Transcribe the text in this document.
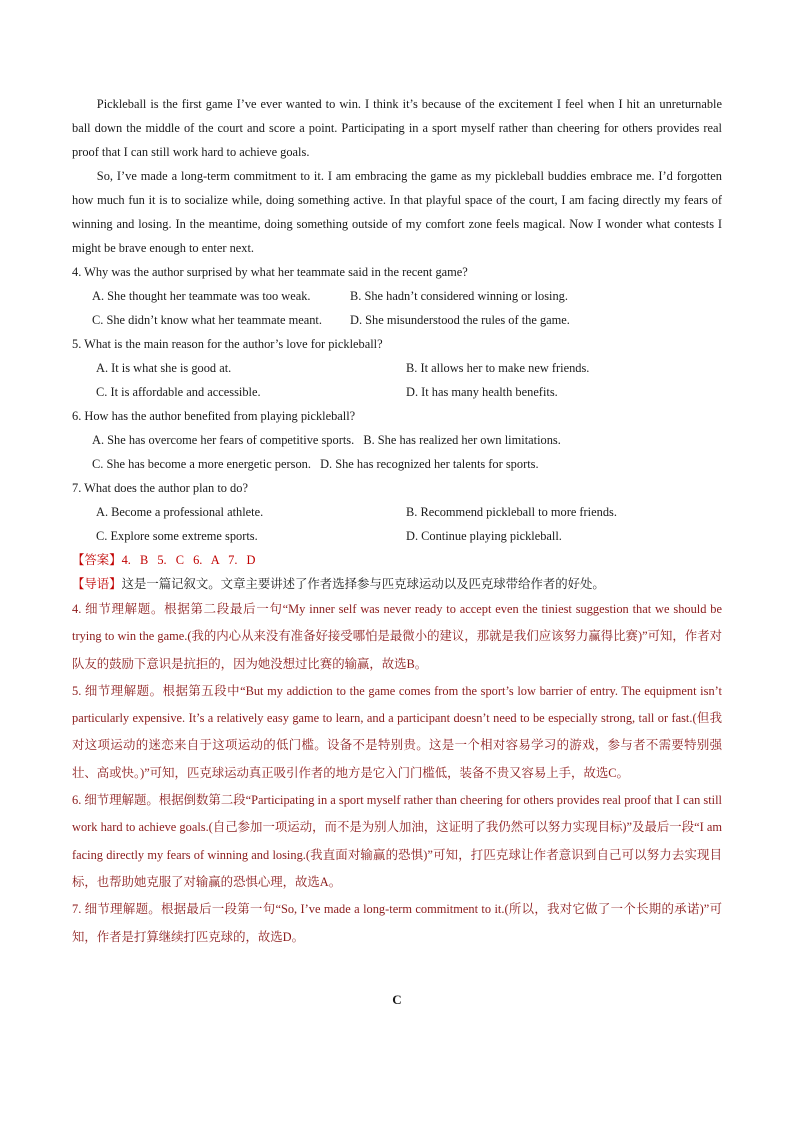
Pickleball is the first game I’ve ever wanted to win. I think it’s because of the excitement I feel when I hit an unreturnable ball down the middle of the court and score a point. Participating in a sport myself rather than cheering for others provides real proof that I can still work hard to achieve goals.

So, I’ve made a long-term commitment to it. I am embracing the game as my pickleball buddies embrace me. I’d forgotten how much fun it is to socialize while, doing something active. In that playful space of the court, I am facing directly my fears of winning and losing. In the meantime, doing something outside of my comfort zone feels magical. Now I wonder what contests I might be brave enough to enter next.

4. Why was the author surprised by what her teammate said in the recent game?

A. She thought her teammate was too weak.	B. She hadn’t considered winning or losing.
C. She didn’t know what her teammate meant.	D. She misunderstood the rules of the game.

5. What is the main reason for the author’s love for pickleball?

A. It is what she is good at.	B. It allows her to make new friends.
C. It is affordable and accessible.	D. It has many health benefits.

6. How has the author benefited from playing pickleball?

A. She has overcome her fears of competitive sports. B. She has realized her own limitations.
C. She has become a more energetic person. D. She has recognized her talents for sports.

7. What does the author plan to do?

A. Become a professional athlete.	B. Recommend pickleball to more friends.
C. Explore some extreme sports.	D. Continue playing pickleball.

【答案】4. B 5. C 6. A 7. D

【导语】这是一篇记叙文。文章主要讲述了作者选择参与匹克球运动以及匹克球带给作者的好处。

4. 细节理解题。根据第二段最后一句“My inner self was never ready to accept even the tiniest suggestion that we should be trying to win the game.(我的内心从来没有准备好接受哪怕是最微小的建议，那就是我们应该努力赢得比赛)”可知，作者对队友的鼓励下意识是抗拒的，因为她没想过比赛的输赢，故选B。

5. 细节理解题。根据第五段中“But my addiction to the game comes from the sport’s low barrier of entry. The equipment isn’t particularly expensive. It’s a relatively easy game to learn, and a participant doesn’t need to be especially strong, tall or fast.(但我对这项运动的迷恋来自于这项运动的低门槛。设备不是特别贵。这是一个相对容易学习的游戏，参与者不需要特别强壮、高或快。)”可知，匹克球运动真正吸引作者的地方是它入门门槛低，装备不贵又容易上手，故选C。

6. 细节理解题。根据倒数第二段“Participating in a sport myself rather than cheering for others provides real proof that I can still work hard to achieve goals.(自己参加一项运动，而不是为别人加油，这证明了我仍然可以努力实现目标)”及最后一段“I am facing directly my fears of winning and losing.(我直面对输赢的恐惧)”可知，打匹克球让作者意识到自己可以努力去实现目标，也帮助她克服了对输赢的恐惧心理，故选A。

7. 细节理解题。根据最后一段第一句“So, I’ve made a long-term commitment to it.(所以，我对它做了一个长期的承诺)”可知，作者是打算继续打匹克球的，故选D。

C
